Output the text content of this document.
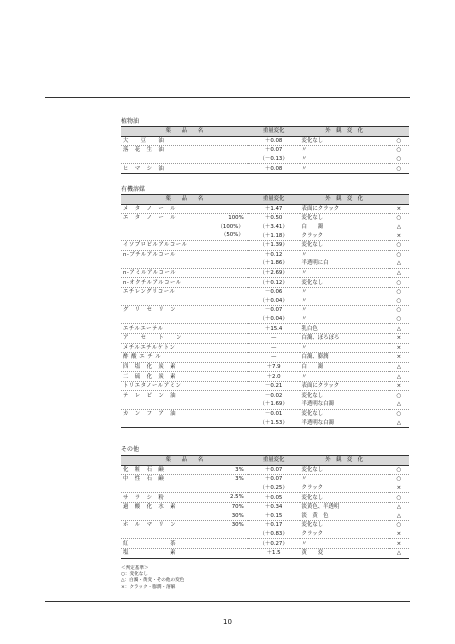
植物油
薬　　品　　名	重量変化	外　観　変　化	
大　　豆　　油	＋0.08	変化なし	○
落　花　生　油	＋0.07	〃	○

	（－0.13）	〃	○
ヒ　マ　シ　油	＋0.08	〃	○
有機溶媒
薬　　品　　名	重量変化	外　観　変　化	
メ　タ　ノ　ー　ル	＋1.47	表面にクラック	×
エ　タ　ノ　ー　ル 100%	＋0.50	変化なし	○

（100%）	（＋3.41）	白　　濁	△

（50%）	（＋1.18）	クラック	×
イソプロピルアルコール	（＋1.39）	変化なし	○
n-ブチルアルコール	＋0.12	〃	○

	（＋1.86）	半透明に白	△
n-アミルアルコール	（＋2.69）	〃	△
n-オクチルアルコール	（＋0.12）	変化なし	○
エチレングリコール	－0.06	〃	○

	（＋0.04）	〃	○
グ　リ　セ　リ　ン	－0.07	〃	○

	（＋0.04）	〃	○
エチルエーテル	＋15.4	乳白色	△
ア　　セ　　ト　　ン	—	白濁、ぼろぼろ	×
メチルエチルケトン	—	〃	×
酢 酸 エ チ ル	—	白濁、膨潤	×
四　塩　化　炭　素	＋7.9	白　　濁	△
二　硫　化　炭　素	＋2.0	〃	△
トリエタノールアミン	－0.21	表面にクラック	×
テ　レ　ビ　ン　油	－0.02	変化なし	○

	（＋1.69）	半透明な白濁	△
カ　ン　フ　ア　油	－0.01	変化なし	○

	（＋1.53）	半透明な白濁	△
その他
薬　　品　　名	重量変化	外　観　変　化	
化　粧　石　鹸 3%	＋0.07	変化なし	○
中　性　石　鹸 3%	＋0.07	〃	○

	（＋0.25）	クラック	×
サ　ラ　シ　粉 2.5%	＋0.05	変化なし	○
過　酸　化　水　素 70%	＋0.34	淡黄色、半透明	△

30%	＋0.15	淡　黄　色	△
ホ　ル　マ　リ　ン 30%	＋0.17	変化なし	○

	（＋0.83）	クラック	×
紅　　　　　　　茶	（＋0.27）	〃	×
塩　　　　　　　素	＋1.5	黄　　変	△
＜判定基準＞
○：変化なし
△：白濁・黄変・その他の変色
×：クラック・膨潤・溶解
10
